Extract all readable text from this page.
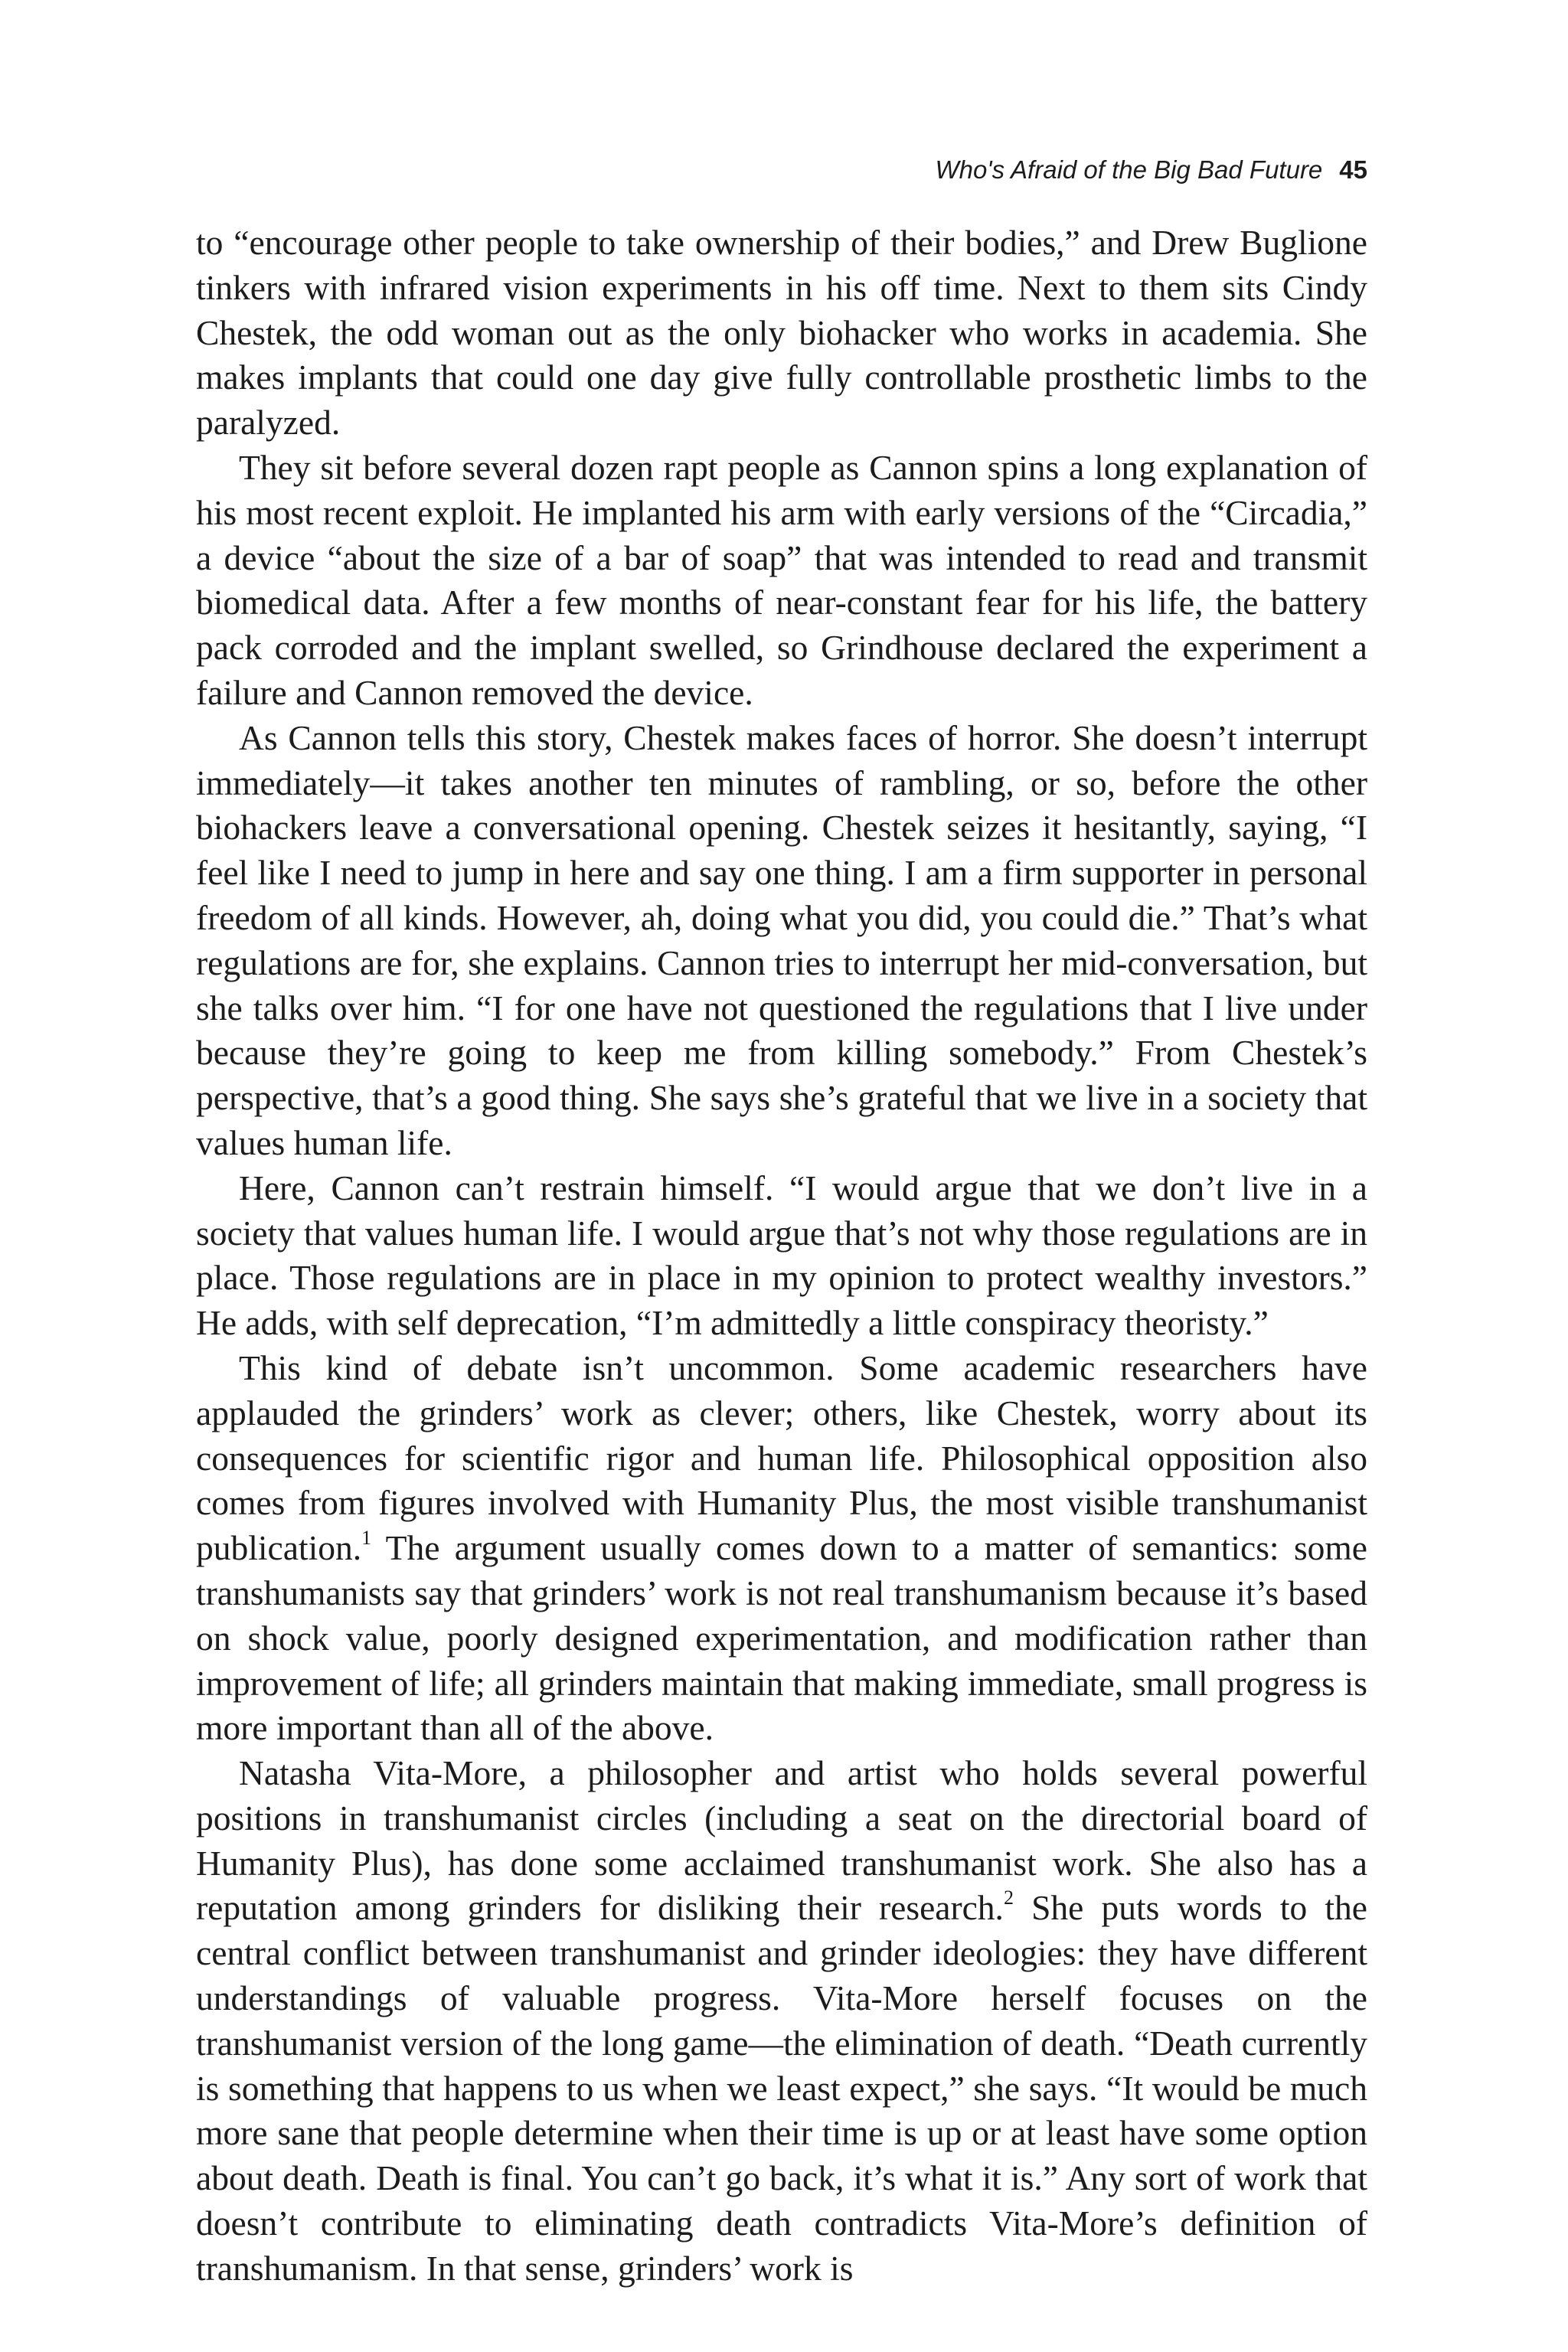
Who's Afraid of the Big Bad Future 45

to “encourage other people to take ownership of their bodies,” and Drew Buglione tinkers with infrared vision experiments in his off time. Next to them sits Cindy Chestek, the odd woman out as the only biohacker who works in academia. She makes implants that could one day give fully controllable prosthetic limbs to the paralyzed.

They sit before several dozen rapt people as Cannon spins a long explanation of his most recent exploit. He implanted his arm with early versions of the “Circadia,” a device “about the size of a bar of soap” that was intended to read and transmit biomedical data. After a few months of near-constant fear for his life, the battery pack corroded and the implant swelled, so Grindhouse declared the experiment a failure and Cannon removed the device.

As Cannon tells this story, Chestek makes faces of horror. She doesn’t interrupt immediately—it takes another ten minutes of rambling, or so, before the other biohackers leave a conversational opening. Chestek seizes it hesitantly, saying, “I feel like I need to jump in here and say one thing. I am a firm supporter in personal freedom of all kinds. However, ah, doing what you did, you could die.” That’s what regulations are for, she explains. Cannon tries to interrupt her mid-conversation, but she talks over him. “I for one have not questioned the regulations that I live under because they’re going to keep me from killing somebody.” From Chestek’s perspective, that’s a good thing. She says she’s grateful that we live in a society that values human life.

Here, Cannon can’t restrain himself. “I would argue that we don’t live in a society that values human life. I would argue that’s not why those regulations are in place. Those regulations are in place in my opinion to protect wealthy investors.” He adds, with self deprecation, “I’m admittedly a little conspiracy theoristy.”

This kind of debate isn’t uncommon. Some academic researchers have applauded the grinders’ work as clever; others, like Chestek, worry about its consequences for scientific rigor and human life. Philosophical opposition also comes from figures involved with Humanity Plus, the most visible transhumanist publication.$^1$ The argument usually comes down to a matter of semantics: some transhumanists say that grinders’ work is not real transhumanism because it’s based on shock value, poorly designed experimentation, and modification rather than improvement of life; all grinders maintain that making immediate, small progress is more important than all of the above.

Natasha Vita-More, a philosopher and artist who holds several powerful positions in transhumanist circles (including a seat on the directorial board of Humanity Plus), has done some acclaimed transhumanist work. She also has a reputation among grinders for disliking their research.$^2$ She puts words to the central conflict between transhumanist and grinder ideologies: they have different understandings of valuable progress. Vita-More herself focuses on the transhumanist version of the long game—the elimination of death. “Death currently is something that happens to us when we least expect,” she says. “It would be much more sane that people determine when their time is up or at least have some option about death. Death is final. You can’t go back, it’s what it is.” Any sort of work that doesn’t contribute to eliminating death contradicts Vita-More’s definition of transhumanism. In that sense, grinders’ work is
